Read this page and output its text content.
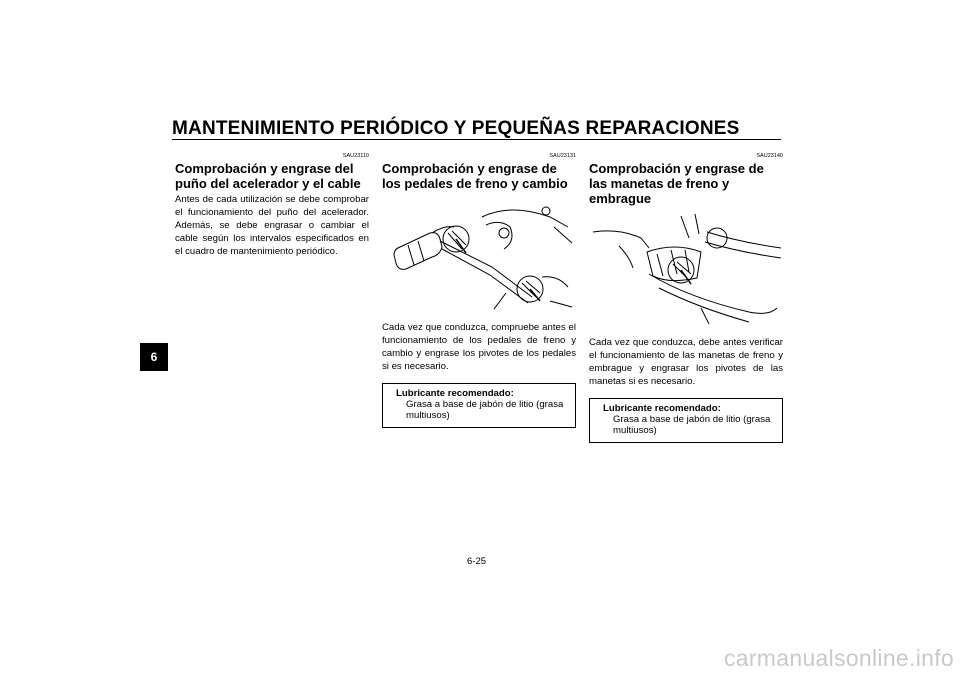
MANTENIMIENTO PERIÓDICO Y PEQUEÑAS REPARACIONES
6
SAU23110
Comprobación y engrase del puño del acelerador y el cable

Antes de cada utilización se debe comprobar el funcionamiento del puño del acelerador. Además, se debe engrasar o cambiar el cable según los intervalos especificados en el cuadro de mantenimiento periódico.

SAU23131
Comprobación y engrase de los pedales de freno y cambio

Cada vez que conduzca, compruebe antes el funcionamiento de los pedales de freno y cambio y engrase los pivotes de los pedales si es necesario.

Lubricante recomendado:
Grasa a base de jabón de litio (grasa multiusos)
SAU23140
Comprobación y engrase de las manetas de freno y embrague

Cada vez que conduzca, debe antes verificar el funcionamiento de las manetas de freno y embrague y engrasar los pivotes de las manetas si es necesario.

Lubricante recomendado:
Grasa a base de jabón de litio (grasa multiusos)
6-25
carmanualsonline.info
